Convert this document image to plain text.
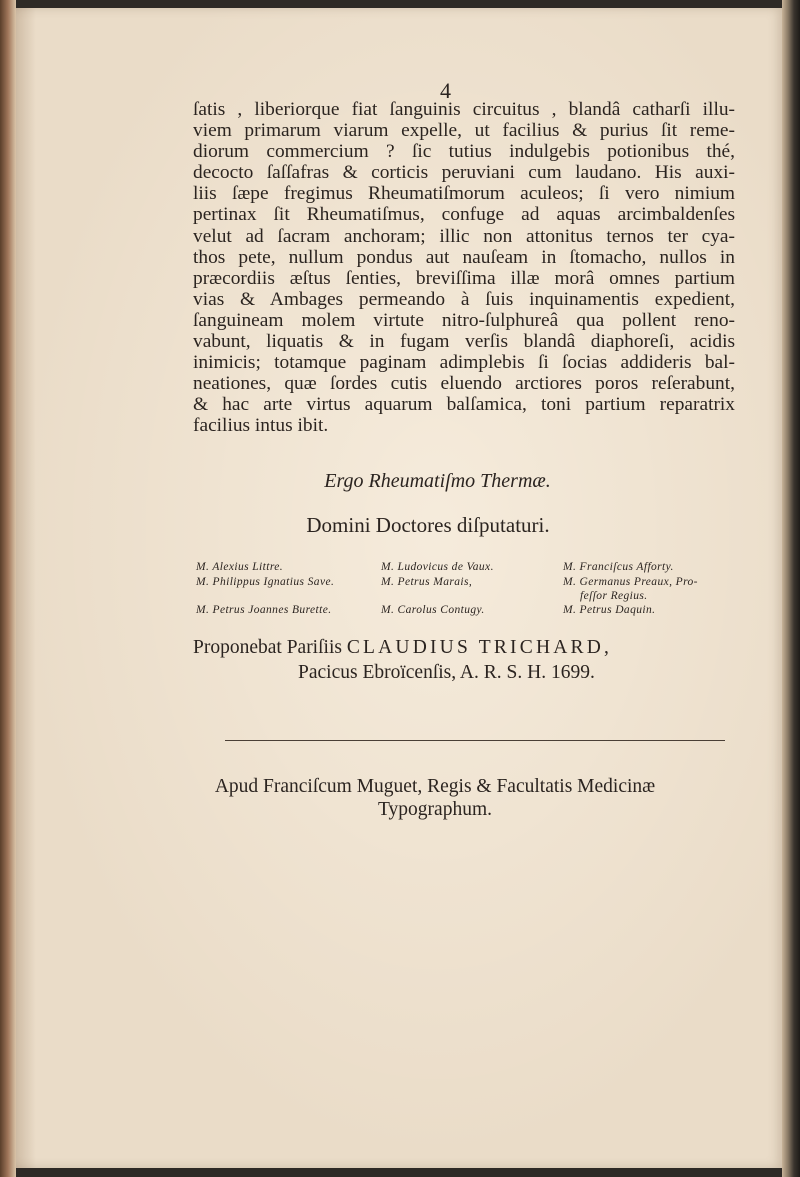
4
ſatis , liberiorque fiat ſanguinis circuitus , blandâ catharſi illu-
viem primarum viarum expelle, ut facilius & purius ſit reme-
diorum commercium ? ſic tutius indulgebis potionibus thé,
decocto ſaſſafras & corticis peruviani cum laudano. His auxi-
liis ſæpe fregimus Rheumatiſmorum aculeos; ſi vero nimium
pertinax ſit Rheumatiſmus, confuge ad aquas arcimbaldenſes
velut ad ſacram anchoram; illic non attonitus ternos ter cya-
thos pete, nullum pondus aut nauſeam in ſtomacho, nullos in
præcordiis æſtus ſenties, breviſſima illæ morâ omnes partium
vias & Ambages permeando à ſuis inquinamentis expedient,
ſanguineam molem virtute nitro-ſulphureâ qua pollent reno-
vabunt, liquatis & in fugam verſis blandâ diaphoreſi, acidis
inimicis; totamque paginam adimplebis ſi ſocias addideris bal-
neationes, quæ ſordes cutis eluendo arctiores poros reſerabunt,
& hac arte virtus aquarum balſamica, toni partium reparatrix
facilius intus ibit.
Ergo Rheumatiſmo Thermæ.
Domini Doctores diſputaturi.
M. Alexius Littre.
M. Philippus Ignatius Save.
M. Petrus Joannes Burette.
M. Ludovicus de Vaux.
M. Petrus Marais,
M. Carolus Contugy.
M. Franciſcus Afforty.
M. Germanus Preaux, Pro-
feſſor Regius.
M. Petrus Daquin.
Proponebat Pariſiis CLAUDIUS TRICHARD,
Pacicus Ebroïcenſis, A. R. S. H. 1699.
Apud Franciſcum Muguet, Regis & Facultatis Medicinæ
Typographum.
